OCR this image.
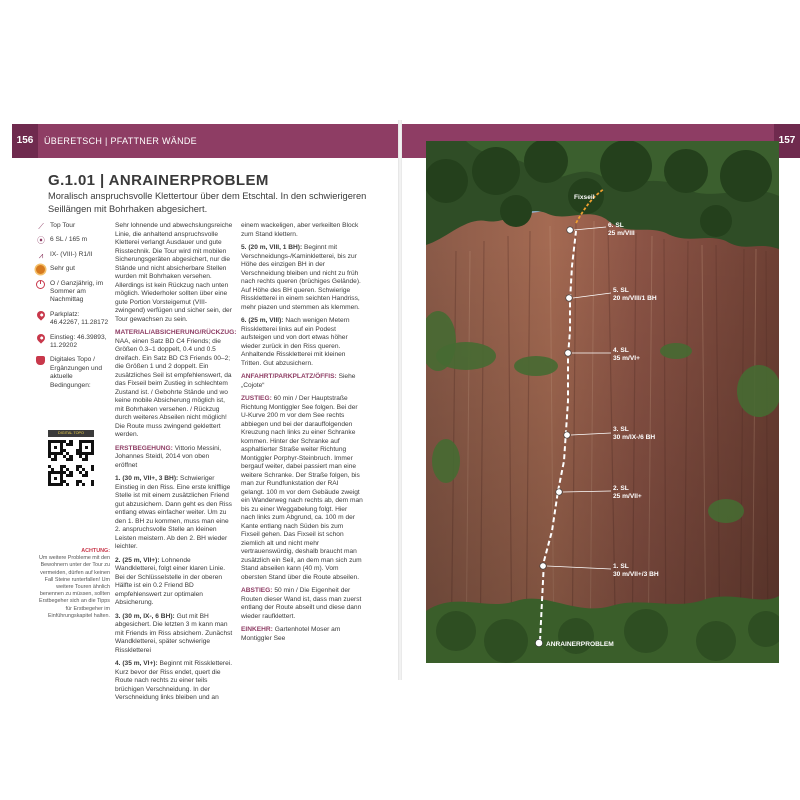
156	ÜBERETSCH | PFATTNER WÄNDE
G.1.01 | ANRAINERPROBLEM
Moralisch anspruchsvolle Klettertour über dem Etschtal. In den schwierigeren Seillängen mit Bohrhaken abgesichert.
⟋ Top Tour
⦿ 6 SL / 165 m
⩘	IX- (VIII-) R1/II
Sehr gut
O / Ganzjährig, im Sommer am Nachmittag
Parkplatz: 46.42267, 11.28172
Einstieg: 46.39893, 11.29202
Digitales Topo / Ergänzungen und aktuelle Bedingungen:
DIGITAL TOPO
ACHTUNG:
Um weitere Probleme mit den Bewohnern unter der Tour zu vermeiden, dürfen auf keinen Fall Steine runterfallen! Um weitere Touren ähnlich benennen zu müssen, sollten Erstbegeher sich an die Tipps für Erstbegeher im Einführungskapitel halten.

Sehr lohnende und abwechslungsreiche Linie, die anhaltend anspruchsvolle Kletterei verlangt Ausdauer und gute Risstechnik. Die Tour wird mit mobilen Sicherungsgeräten abgesichert, nur die Stände und nicht absicherbare Stellen wurden mit Bohrhaken versehen. Allerdings ist kein Rückzug nach unten möglich. Wiederholer sollten über eine gute Portion Vorsteigemut (VIII-zwingend) verfügen und sicher sein, der Tour gewachsen zu sein.

MATERIAL/ABSICHERUNG/RÜCKZUG: NAA, einen Satz BD C4 Friends; die Größen 0.3–1 doppelt, 0.4 und 0.5 dreifach. Ein Satz BD C3 Friends 00–2; die Größen 1 und 2 doppelt. Ein zusätzliches Seil ist empfehlenswert, da das Fixseil beim Zustieg in schlechtem Zustand ist. / Gebohrte Stände und wo keine mobile Absicherung möglich ist, mit Bohrhaken versehen. / Rückzug durch weiteres Abseilen nicht möglich! Die Route muss zwingend geklettert werden.

ERSTBEGEHUNG: Vittorio Messini, Johannes Steidl, 2014 von oben eröffnet

1. (30 m, VII+, 3 BH): Schwieriger Einstieg in den Riss. Eine erste knifflige Stelle ist mit einem zusätzlichen Friend gut abzusichern. Dann geht es den Riss entlang etwas einfacher weiter. Um zu den 1. BH zu kommen, muss man eine 2. anspruchsvolle Stelle an kleinen Leisten meistern. Ab den 2. BH wieder leichter.

2. (25 m, VII+): Lohnende Wandkletterei, folgt einer klaren Linie. Bei der Schlüsselstelle in der oberen Hälfte ist ein 0.2 Friend BD empfehlenswert zur optimalen Absicherung.

3. (30 m, IX-, 6 BH): Gut mit BH abgesichert. Die letzten 3 m kann man mit Friends im Riss absichern. Zunächst Wandkletterei, später schwierige Risskletterei

4. (35 m, VI+): Beginnt mit Risskletterei. Kurz bevor der Riss endet, quert die Route nach rechts zu einer teils brüchigen Verschneidung. In der Verschneidung links bleiben und an

einem wackeligen, aber verkeilten Block zum Stand klettern.

5. (20 m, VIII, 1 BH): Beginnt mit Verschneidungs-/Kaminkletterei, bis zur Höhe des einzigen BH in der Verschneidung bleiben und nicht zu früh nach rechts queren (brüchiges Gelände). Auf Höhe des BH queren. Schwierige Risskletterei in einem seichten Handriss, mehr piazen und stemmen als klemmen.

6. (25 m, VIII): Nach wenigen Metern Risskletterei links auf ein Podest aufsteigen und von dort etwas höher wieder zurück in den Riss queren. Anhaltende Risskletterei mit kleinen Tritten. Gut abzusichern.

ANFAHRT/PARKPLATZ/ÖFFIS: Siehe „Cojote“

ZUSTIEG: 60 min / Der Hauptstraße Richtung Montiggler See folgen. Bei der U-Kurve 200 m vor dem See rechts abbiegen und bei der darauffolgenden Kreuzung nach links zu einer Schranke kommen. Hinter der Schranke auf asphaltierter Straße weiter Richtung Montiggler Porphyr-Steinbruch. Immer bergauf weiter, dabei passiert man eine weitere Schranke. Der Straße folgen, bis man zur Rundfunkstation der RAI gelangt. 100 m vor dem Gebäude zweigt ein Wanderweg nach rechts ab, dem man bis zu einer Weggabelung folgt. Hier nach links zum Abgrund, ca. 100 m der Kante entlang nach Süden bis zum Fixseil gehen. Das Fixseil ist schon ziemlich alt und nicht mehr vertrauenswürdig, deshalb braucht man zusätzlich ein Seil, an dem man sich zum Stand abseilen kann (40 m). Vom obersten Stand über die Route abseilen.

ABSTIEG: 50 min / Die Eigenheit der Routen dieser Wand ist, dass man zuerst entlang der Route abseilt und diese dann wieder raufklettert.

EINKEHR: Gartenhotel Moser am Montiggler See

157
Fixseil
6. SL
25 m/VIII
5. SL
20 m/VIII/1 BH
4. SL
35 m/VI+
3. SL
30 m/IX-/6 BH
2. SL
25 m/VII+
1. SL
30 m/VII+/3 BH
ANRAINERPROBLEM
